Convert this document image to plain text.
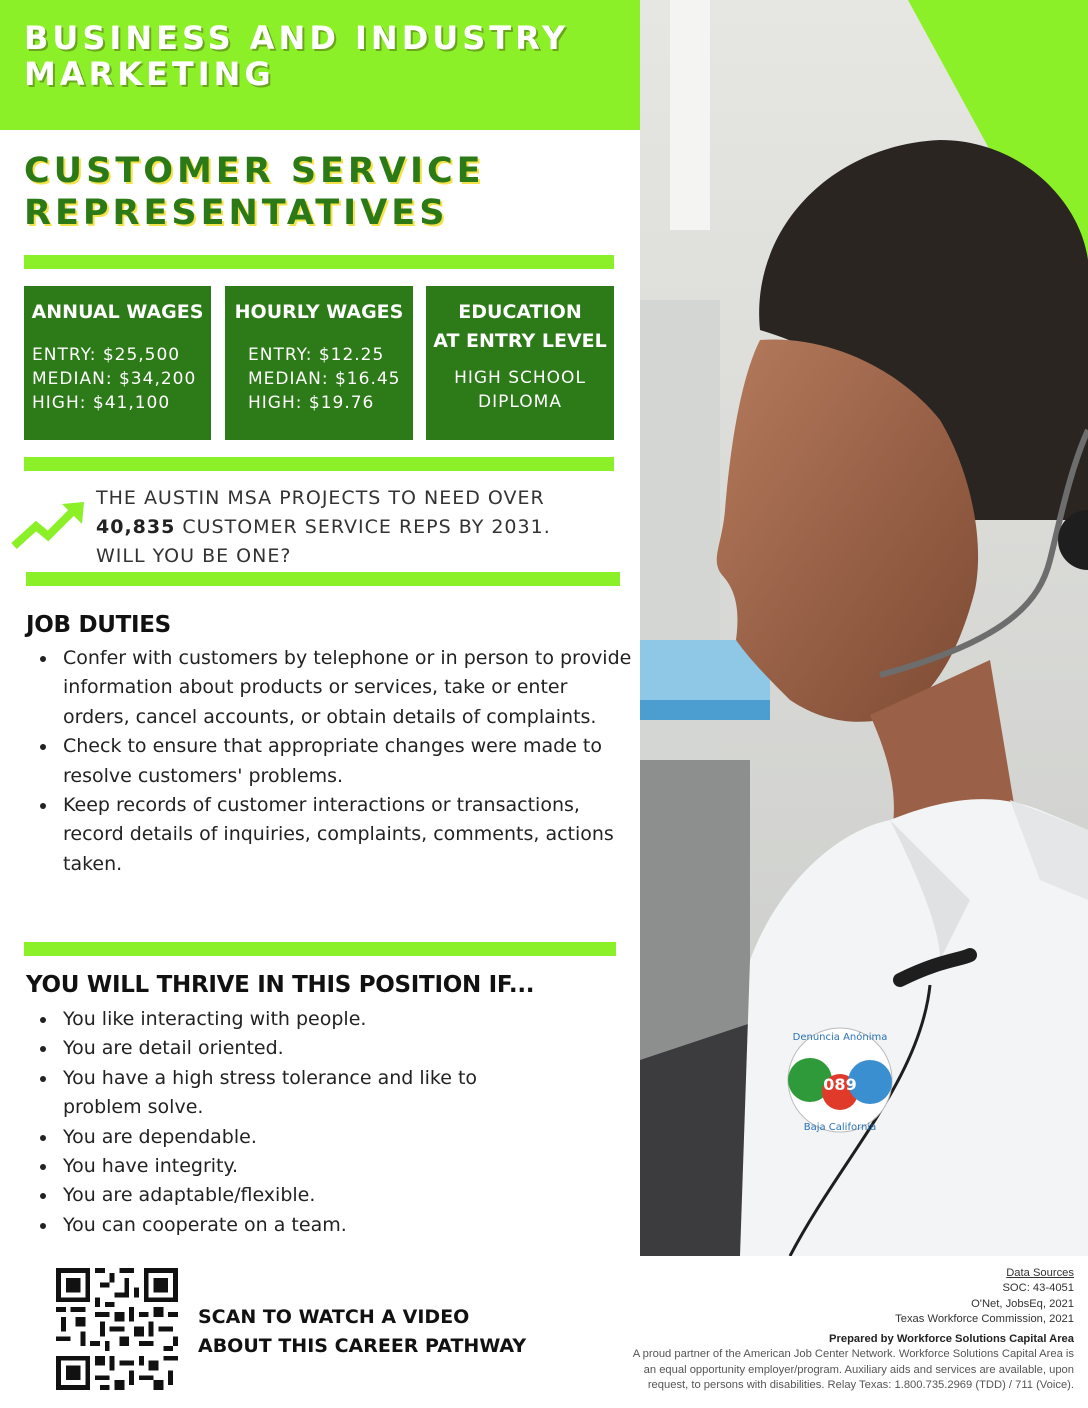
BUSINESS AND INDUSTRY MARKETING
CUSTOMER SERVICE REPRESENTATIVES
ANNUAL WAGES
ENTRY: $25,500
MEDIAN: $34,200
HIGH: $41,100
HOURLY WAGES
ENTRY: $12.25
MEDIAN: $16.45
HIGH: $19.76
EDUCATION
AT ENTRY LEVEL
HIGH SCHOOL
DIPLOMA
THE AUSTIN MSA PROJECTS TO NEED OVER
40,835 CUSTOMER SERVICE REPS BY 2031.
WILL YOU BE ONE?
JOB DUTIES
Confer with customers by telephone or in person to provide information about products or services, take or enter orders, cancel accounts, or obtain details of complaints.
Check to ensure that appropriate changes were made to resolve customers' problems.
Keep records of customer interactions or transactions, record details of inquiries, complaints, comments, actions taken.
YOU WILL THRIVE IN THIS POSITION IF...
You like interacting with people.
You are detail oriented.
You have a high stress tolerance and like to problem solve.
You are dependable.
You have integrity.
You are adaptable/flexible.
You can cooperate on a team.
Denuncia Anónima
Baja California
089
SCAN TO WATCH A VIDEO
ABOUT THIS CAREER PATHWAY
Data Sources
SOC: 43-4051
O'Net, JobsEq, 2021
Texas Workforce Commission, 2021
Prepared by Workforce Solutions Capital Area
A proud partner of the American Job Center Network. Workforce Solutions Capital Area is
an equal opportunity employer/program. Auxiliary aids and services are available, upon
request, to persons with disabilities. Relay Texas: 1.800.735.2969 (TDD) / 711 (Voice).
